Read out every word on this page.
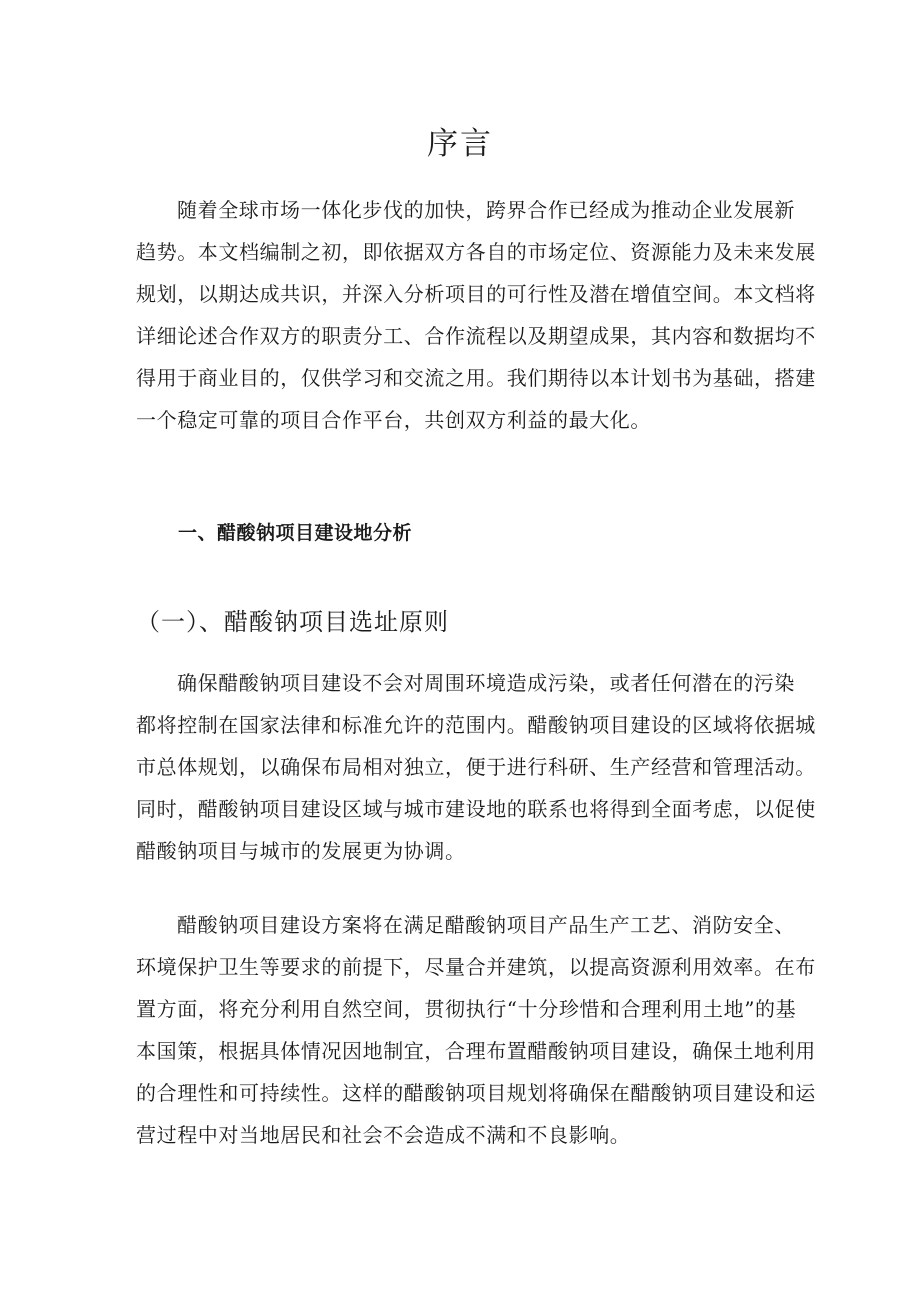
序言
随着全球市场一体化步伐的加快，跨界合作已经成为推动企业发展新
趋势。本文档编制之初，即依据双方各自的市场定位、资源能力及未来发展
规划，以期达成共识，并深入分析项目的可行性及潜在增值空间。本文档将
详细论述合作双方的职责分工、合作流程以及期望成果，其内容和数据均不
得用于商业目的，仅供学习和交流之用。我们期待以本计划书为基础，搭建
一个稳定可靠的项目合作平台，共创双方利益的最大化。
一、醋酸钠项目建设地分析
（一）、醋酸钠项目选址原则
确保醋酸钠项目建设不会对周围环境造成污染，或者任何潜在的污染
都将控制在国家法律和标准允许的范围内。醋酸钠项目建设的区域将依据城
市总体规划，以确保布局相对独立，便于进行科研、生产经营和管理活动。
同时，醋酸钠项目建设区域与城市建设地的联系也将得到全面考虑，以促使
醋酸钠项目与城市的发展更为协调。
醋酸钠项目建设方案将在满足醋酸钠项目产品生产工艺、消防安全、
环境保护卫生等要求的前提下，尽量合并建筑，以提高资源利用效率。在布
置方面，将充分利用自然空间，贯彻执行“十分珍惜和合理利用土地”的基
本国策，根据具体情况因地制宜，合理布置醋酸钠项目建设，确保土地利用
的合理性和可持续性。这样的醋酸钠项目规划将确保在醋酸钠项目建设和运
营过程中对当地居民和社会不会造成不满和不良影响。
